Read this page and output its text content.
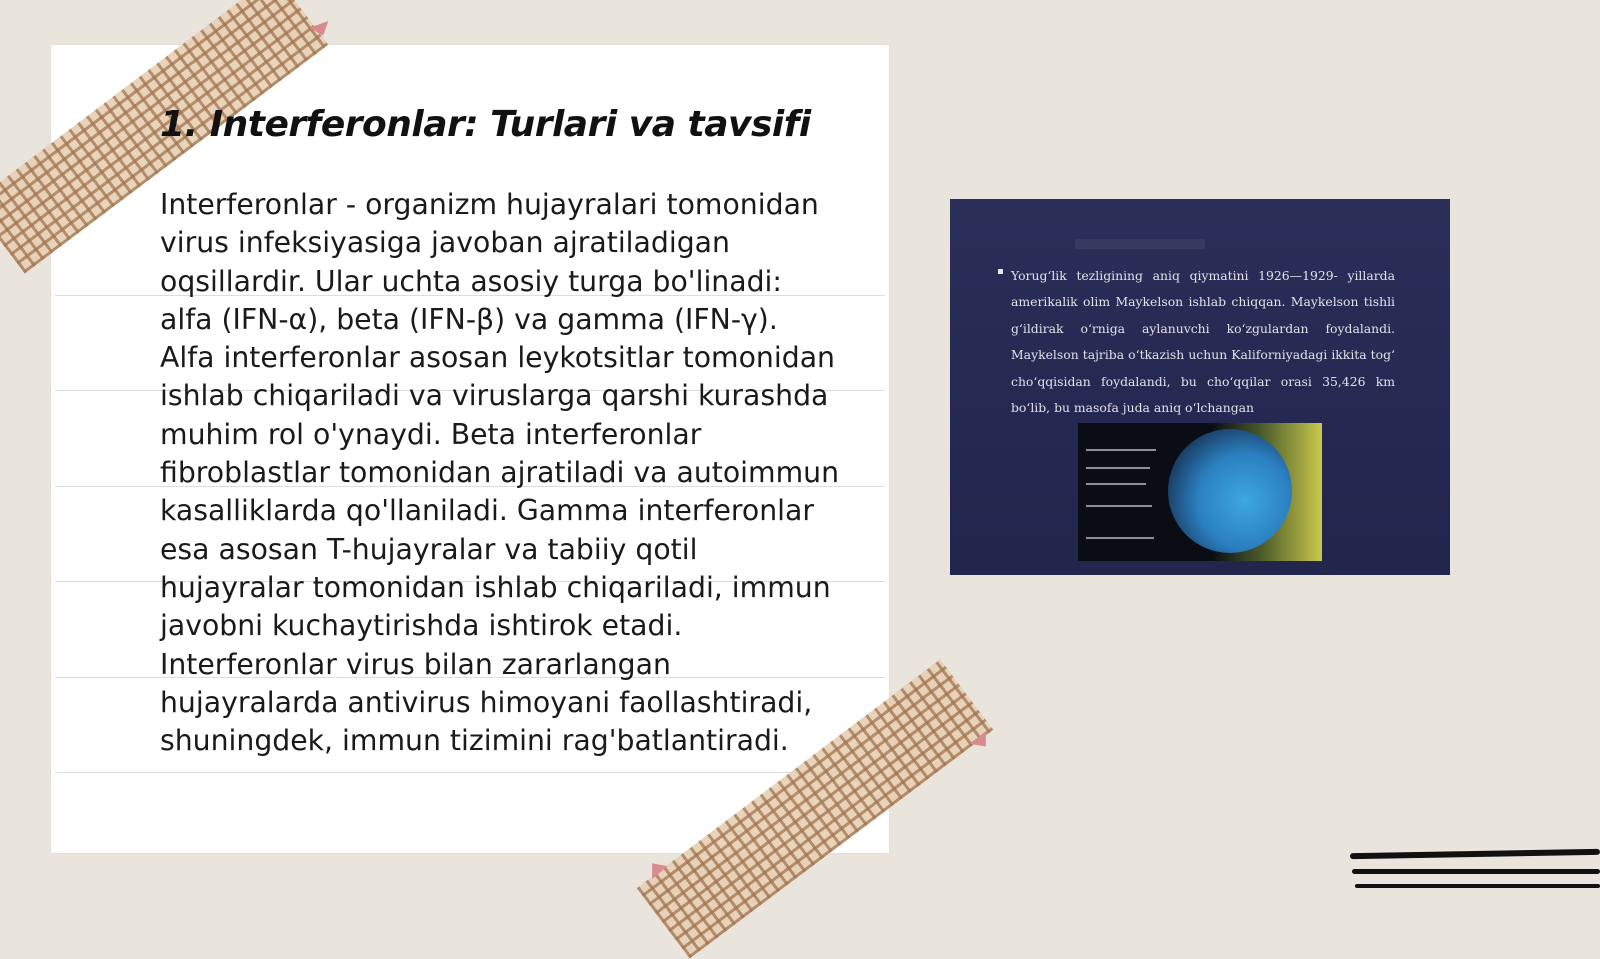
1. Interferonlar: Turlari va tavsifi

Interferonlar - organizm hujayralari tomonidan virus infeksiyasiga javoban ajratiladigan oqsillardir. Ular uchta asosiy turga bo'linadi: alfa (IFN-α), beta (IFN-β) va gamma (IFN-γ). Alfa interferonlar asosan leykotsitlar tomonidan ishlab chiqariladi va viruslarga qarshi kurashda muhim rol o'ynaydi. Beta interferonlar fibroblastlar tomonidan ajratiladi va autoimmun kasalliklarda qo'llaniladi. Gamma interferonlar esa asosan T-hujayralar va tabiiy qotil hujayralar tomonidan ishlab chiqariladi, immun javobni kuchaytirishda ishtirok etadi. Interferonlar virus bilan zararlangan hujayralarda antivirus himoyani faollashtiradi, shuningdek, immun tizimini rag'batlantiradi.

Yorugʻlik tezligining aniq qiymatini 1926—1929- yillarda amerikalik olim Maykelson ishlab chiqqan. Maykelson tishli gʻildirak oʻrniga aylanuvchi koʻzgulardan foydalandi. Maykelson tajriba oʻtkazish uchun Kaliforniyadagi ikkita togʻ choʻqqisidan foydalandi, bu choʻqqilar orasi 35,426 km boʻlib, bu masofa juda aniq oʻlchangan
